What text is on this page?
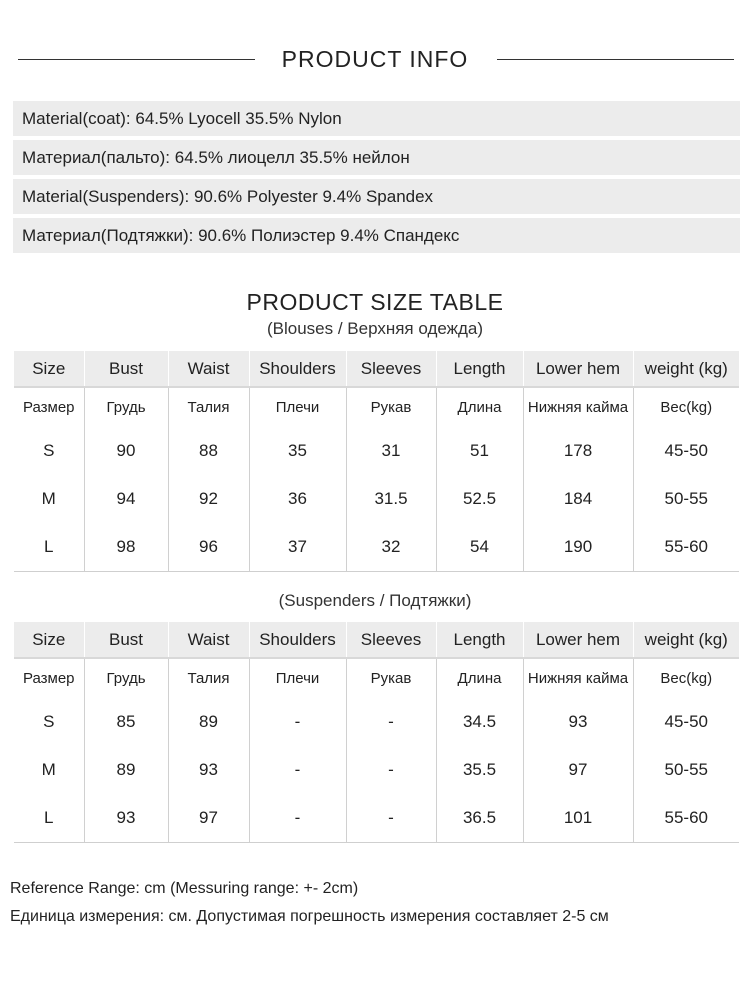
PRODUCT INFO
Material(coat): 64.5% Lyocell 35.5% Nylon
Материал(пальто): 64.5% лиоцелл 35.5% нейлон
Material(Suspenders): 90.6% Polyester 9.4% Spandex
Материал(Подтяжки): 90.6% Полиэстер 9.4% Спандекс
PRODUCT SIZE TABLE
(Blouses / Верхняя одежда)
Size	Bust	Waist	Shoulders	Sleeves	Length	Lower hem	weight (kg)
Размер	Грудь	Талия	Плечи	Рукав	Длина	Нижняя кайма	Вес(kg)
S	90	88	35	31	51	178	45-50
M	94	92	36	31.5	52.5	184	50-55
L	98	96	37	32	54	190	55-60
(Suspenders / Подтяжки)
Size	Bust	Waist	Shoulders	Sleeves	Length	Lower hem	weight (kg)
Размер	Грудь	Талия	Плечи	Рукав	Длина	Нижняя кайма	Вес(kg)
S	85	89	-	-	34.5	93	45-50
M	89	93	-	-	35.5	97	50-55
L	93	97	-	-	36.5	101	55-60
Reference Range: cm (Messuring range: +- 2cm)
Единица измерения: см. Допустимая погрешность измерения составляет 2-5 см
